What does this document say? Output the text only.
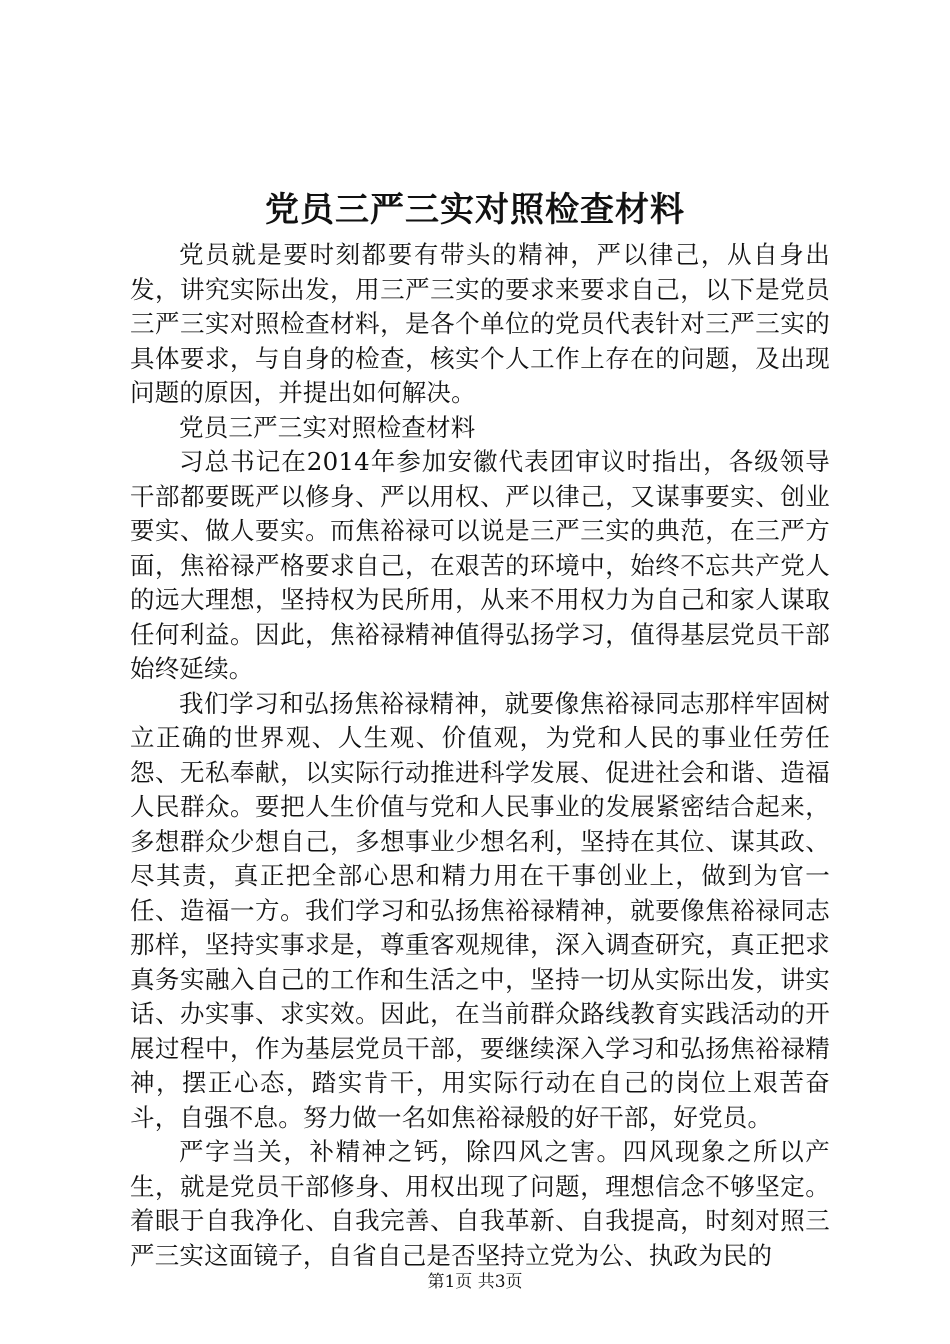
党员三严三实对照检查材料

党员就是要时刻都要有带头的精神，严以律己，从自身出发，讲究实际出发，用三严三实的要求来要求自己，以下是党员三严三实对照检查材料，是各个单位的党员代表针对三严三实的具体要求，与自身的检查，核实个人工作上存在的问题，及出现问题的原因，并提出如何解决。

党员三严三实对照检查材料

习总书记在2014年参加安徽代表团审议时指出，各级领导干部都要既严以修身、严以用权、严以律己，又谋事要实、创业要实、做人要实。而焦裕禄可以说是三严三实的典范，在三严方面，焦裕禄严格要求自己，在艰苦的环境中，始终不忘共产党人的远大理想，坚持权为民所用，从来不用权力为自己和家人谋取任何利益。因此，焦裕禄精神值得弘扬学习，值得基层党员干部始终延续。

我们学习和弘扬焦裕禄精神，就要像焦裕禄同志那样牢固树立正确的世界观、人生观、价值观，为党和人民的事业任劳任怨、无私奉献，以实际行动推进科学发展、促进社会和谐、造福人民群众。要把人生价值与党和人民事业的发展紧密结合起来，多想群众少想自己，多想事业少想名利，坚持在其位、谋其政、尽其责，真正把全部心思和精力用在干事创业上，做到为官一任、造福一方。我们学习和弘扬焦裕禄精神，就要像焦裕禄同志那样，坚持实事求是，尊重客观规律，深入调查研究，真正把求真务实融入自己的工作和生活之中，坚持一切从实际出发，讲实话、办实事、求实效。因此，在当前群众路线教育实践活动的开展过程中，作为基层党员干部，要继续深入学习和弘扬焦裕禄精神，摆正心态，踏实肯干，用实际行动在自己的岗位上艰苦奋斗，自强不息。努力做一名如焦裕禄般的好干部，好党员。

严字当关，补精神之钙，除四风之害。四风现象之所以产生，就是党员干部修身、用权出现了问题，理想信念不够坚定。着眼于自我净化、自我完善、自我革新、自我提高，时刻对照三严三实这面镜子，自省自己是否坚持立党为公、执政为民的

第1页 共3页
